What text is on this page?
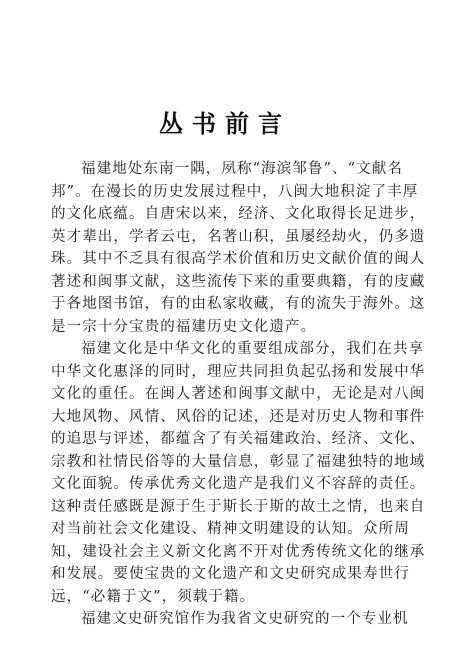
丛书前言
福建地处东南一隅，夙称“海滨邹鲁”、“文献名
邦”。在漫长的历史发展过程中，八闽大地积淀了丰厚
的文化底蕴。自唐宋以来，经济、文化取得长足进步，
英才辈出，学者云屯，名著山积，虽屡经劫火，仍多遗
珠。其中不乏具有很高学术价值和历史文献价值的闽人
著述和闽事文献，这些流传下来的重要典籍，有的庋藏
于各地图书馆，有的由私家收藏，有的流失于海外。这
是一宗十分宝贵的福建历史文化遗产。
福建文化是中华文化的重要组成部分，我们在共享
中华文化惠泽的同时，理应共同担负起弘扬和发展中华
文化的重任。在闽人著述和闽事文献中，无论是对八闽
大地风物、风情、风俗的记述，还是对历史人物和事件
的追思与评述，都蕴含了有关福建政治、经济、文化、
宗教和社情民俗等的大量信息，彰显了福建独特的地域
文化面貌。传承优秀文化遗产是我们义不容辞的责任。
这种责任感既是源于生于斯长于斯的故土之情，也来自
对当前社会文化建设、精神文明建设的认知。众所周
知，建设社会主义新文化离不开对优秀传统文化的继承
和发展。要使宝贵的文化遗产和文史研究成果寿世行
远，“必籍于文”，须载于籍。
福建文史研究馆作为我省文史研究的一个专业机
